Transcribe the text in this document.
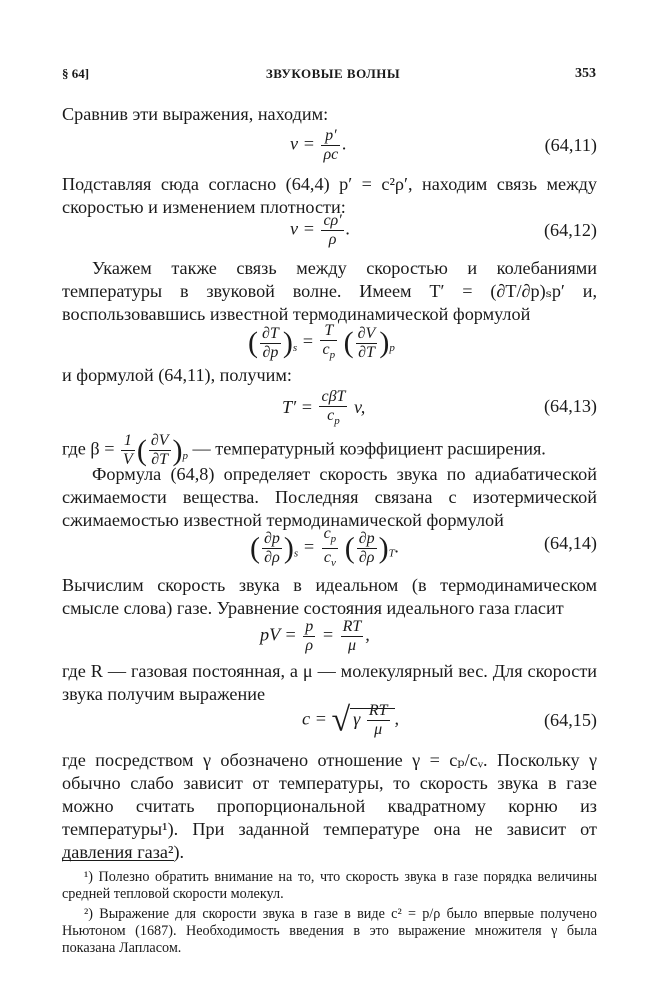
§ 64]	ЗВУКОВЫЕ ВОЛНЫ	353
Сравнив эти выражения, находим:
$v = \frac{p'}{\rho c}$ .	(64,11)
Подставляя сюда согласно (64,4) p′ = c²ρ′, находим связь между скоростью и изменением плотности:
$v = \frac{c\rho'}{\rho}$ .	(64,12)
Укажем также связь между скоростью и колебаниями температуры в звуковой волне. Имеем T′ = (∂T/∂p)ₛp′ и, воспользовавшись известной термодинамической формулой
( $\frac{\partial T}{\partial p} )_s = \frac{T}{c_p}$ ( $\frac{\partial V}{\partial T} )_p$
и формулой (64,11), получим:
$T' = \frac{\text{cβT}}{c_p} v$,	(64,13)
где $\beta = \frac{1}{V}$ ( $\frac{\partial V}{\partial T} )_p$ — температурный коэффициент расширения.
Формула (64,8) определяет скорость звука по адиабатической сжимаемости вещества. Последняя связана с изотермической сжимаемостью известной термодинамической формулой
( $\frac{\partial p}{\partial\rho} )_s = \frac{c_p}{c_v}$ ( $\frac{\partial p}{\partial\rho} )_T$.	(64,14)
Вычислим скорость звука в идеальном (в термодинамическом смысле слова) газе. Уравнение состояния идеального газа гласит
pV = $\frac{p}{\rho} = \frac{RT}{\mu}$ ,
где R — газовая постоянная, а μ — молекулярный вес. Для скорости звука получим выражение
c = √ γ $\frac{RT}{\mu}$ ,	(64,15)
где посредством γ обозначено отношение γ = cₚ/cᵥ. Поскольку γ обычно слабо зависит от температуры, то скорость звука в газе можно считать пропорциональной квадратному корню из температуры¹). При заданной температуре она не зависит от давления газа²).
¹) Полезно обратить внимание на то, что скорость звука в газе порядка величины средней тепловой скорости молекул.
²) Выражение для скорости звука в газе в виде c² = p/ρ было впервые получено Ньютоном (1687). Необходимость введения в это выражение множителя γ была показана Лапласом.
